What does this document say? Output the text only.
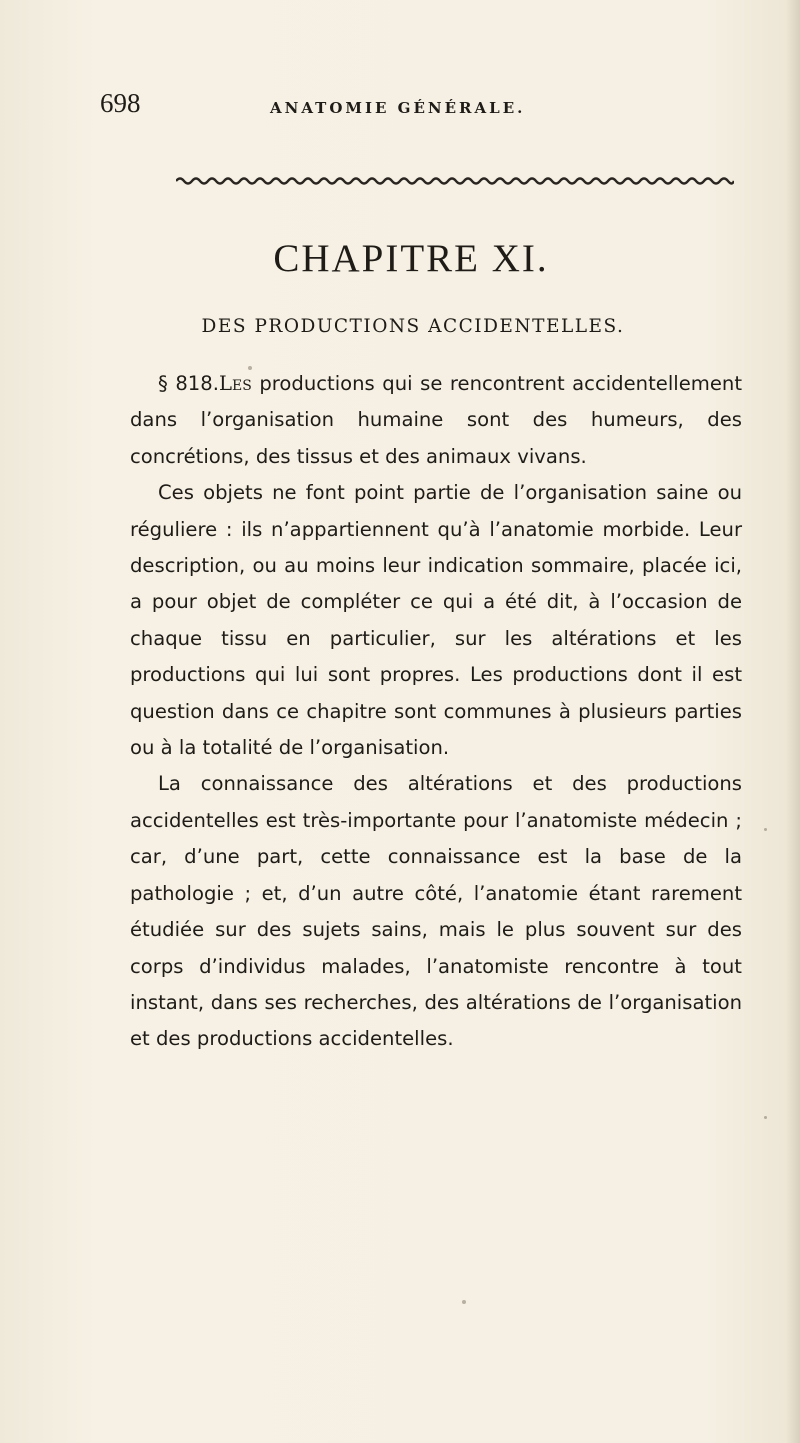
698	ANATOMIE GÉNÉRALE.
CHAPITRE XI.
DES PRODUCTIONS ACCIDENTELLES.

§ 818.Les productions qui se rencontrent accidentellement dans l’organisation humaine sont des humeurs, des concrétions, des tissus et des animaux vivans.

Ces objets ne font point partie de l’organisation saine ou réguliere : ils n’appartiennent qu’à l’anatomie morbide. Leur description, ou au moins leur indication sommaire, placée ici, a pour objet de compléter ce qui a été dit, à l’occasion de chaque tissu en particulier, sur les altérations et les productions qui lui sont propres. Les productions dont il est question dans ce chapitre sont communes à plusieurs parties ou à la totalité de l’organisation.

La connaissance des altérations et des productions accidentelles est très-importante pour l’anatomiste médecin ; car, d’une part, cette connaissance est la base de la pathologie ; et, d’un autre côté, l’anatomie étant rarement étudiée sur des sujets sains, mais le plus souvent sur des corps d’individus malades, l’anatomiste rencontre à tout instant, dans ses recherches, des altérations de l’organisation et des productions accidentelles.
